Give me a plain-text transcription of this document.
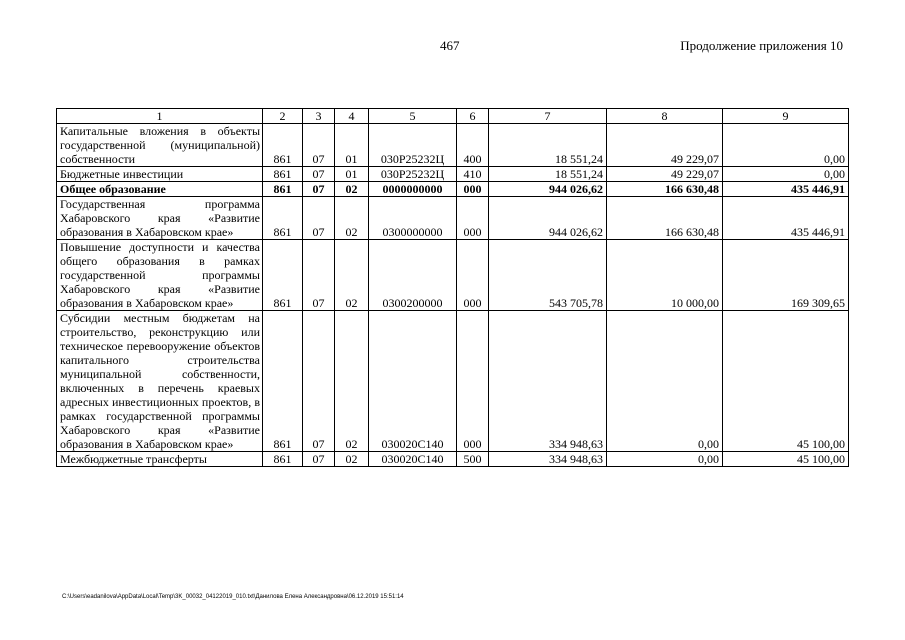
467	Продолжение приложения 10
1	2	3	4	5	6	7	8	9
Капитальные вложения в объекты государственной (муниципальной) собственности	861	07	01	030P25232Ц	400	18 551,24	49 229,07	0,00
Бюджетные инвестиции	861	07	01	030P25232Ц	410	18 551,24	49 229,07	0,00
Общее образование	861	07	02	0000000000	000	944 026,62	166 630,48	435 446,91
Государственная программа Хабаровского края «Развитие образования в Хабаровском крае»	861	07	02	0300000000	000	944 026,62	166 630,48	435 446,91
Повышение доступности и качества общего образования в рамках государственной программы Хабаровского края «Развитие образования в Хабаровском крае»	861	07	02	0300200000	000	543 705,78	10 000,00	169 309,65
Субсидии местным бюджетам на строительство, реконструкцию или техническое перевооружение объектов капитального строительства муниципальной собственности, включенных в перечень краевых адресных инвестиционных проектов, в рамках государственной программы Хабаровского края «Развитие образования в Хабаровском крае»	861	07	02	030020С140	000	334 948,63	0,00	45 100,00
Межбюджетные трансферты	861	07	02	030020С140	500	334 948,63	0,00	45 100,00
C:\Users\eadanilova\AppData\Local\Temp\3K_00032_04122019_010.txt\Данилова Елена Александровна\06.12.2019 15:51:14
